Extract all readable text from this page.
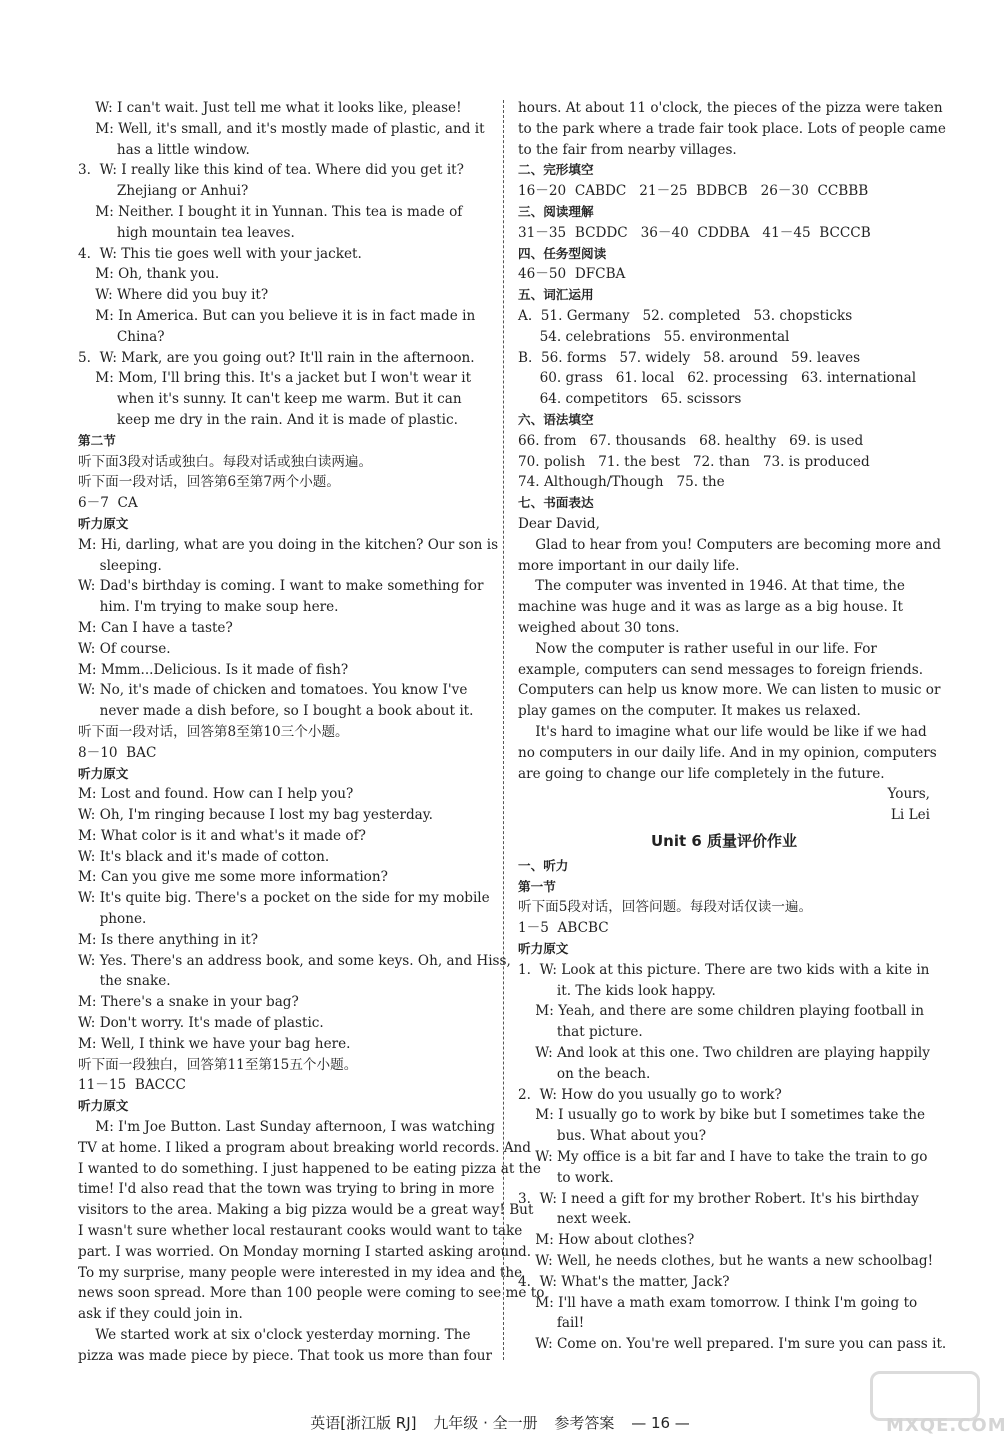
W: I can't wait. Just tell me what it looks like, please!
M: Well, it's small, and it's mostly made of plastic, and it
has a little window.
3.  W: I really like this kind of tea. Where did you get it?
Zhejiang or Anhui?
M: Neither. I bought it in Yunnan. This tea is made of
high mountain tea leaves.
4.  W: This tie goes well with your jacket.
M: Oh, thank you.
W: Where did you buy it?
M: In America. But can you believe it is in fact made in
China?
5.  W: Mark, are you going out? It'll rain in the afternoon.
M: Mom, I'll bring this. It's a jacket but I won't wear it
when it's sunny. It can't keep me warm. But it can
keep me dry in the rain. And it is made of plastic.
第二节
听下面3段对话或独白。每段对话或独白读两遍。
听下面一段对话，回答第6至第7两个小题。
6－7  CA
听力原文
M: Hi, darling, what are you doing in the kitchen? Our son is
sleeping.
W: Dad's birthday is coming. I want to make something for
him. I'm trying to make soup here.
M: Can I have a taste?
W: Of course.
M: Mmm...Delicious. Is it made of fish?
W: No, it's made of chicken and tomatoes. You know I've
never made a dish before, so I bought a book about it.
听下面一段对话，回答第8至第10三个小题。
8－10  BAC
听力原文
M: Lost and found. How can I help you?
W: Oh, I'm ringing because I lost my bag yesterday.
M: What color is it and what's it made of?
W: It's black and it's made of cotton.
M: Can you give me some more information?
W: It's quite big. There's a pocket on the side for my mobile
phone.
M: Is there anything in it?
W: Yes. There's an address book, and some keys. Oh, and Hiss,
the snake.
M: There's a snake in your bag?
W: Don't worry. It's made of plastic.
M: Well, I think we have your bag here.
听下面一段独白，回答第11至第15五个小题。
11－15  BACCC
听力原文
M: I'm Joe Button. Last Sunday afternoon, I was watching
TV at home. I liked a program about breaking world records. And
I wanted to do something. I just happened to be eating pizza at the
time! I'd also read that the town was trying to bring in more
visitors to the area. Making a big pizza would be a great way! But
I wasn't sure whether local restaurant cooks would want to take
part. I was worried. On Monday morning I started asking around.
To my surprise, many people were interested in my idea and the
news soon spread. More than 100 people were coming to see me to
ask if they could join in.
We started work at six o'clock yesterday morning. The
pizza was made piece by piece. That took us more than four
hours. At about 11 o'clock, the pieces of the pizza were taken
to the park where a trade fair took place. Lots of people came
to the fair from nearby villages.
二、完形填空
16－20  CABDC   21－25  BDBCB   26－30  CCBBB
三、阅读理解
31－35  BCDDC   36－40  CDDBA   41－45  BCCCB
四、任务型阅读
46－50  DFCBA
五、词汇运用
A.  51. Germany   52. completed   53. chopsticks
54. celebrations   55. environmental
B.  56. forms   57. widely   58. around   59. leaves
60. grass   61. local   62. processing   63. international
64. competitors   65. scissors
六、语法填空
66. from   67. thousands   68. healthy   69. is used
70. polish   71. the best   72. than   73. is produced
74. Although/Though   75. the
七、书面表达
Dear David,
Glad to hear from you! Computers are becoming more and
more important in our daily life.
The computer was invented in 1946. At that time, the
machine was huge and it was as large as a big house. It
weighed about 30 tons.
Now the computer is rather useful in our life. For
example, computers can send messages to foreign friends.
Computers can help us know more. We can listen to music or
play games on the computer. It makes us relaxed.
It's hard to imagine what our life would be like if we had
no computers in our daily life. And in my opinion, computers
are going to change our life completely in the future.
Yours,
Li Lei
Unit 6 质量评价作业
一、听力
第一节
听下面5段对话，回答问题。每段对话仅读一遍。
1－5  ABCBC
听力原文
1.  W: Look at this picture. There are two kids with a kite in
it. The kids look happy.
M: Yeah, and there are some children playing football in
that picture.
W: And look at this one. Two children are playing happily
on the beach.
2.  W: How do you usually go to work?
M: I usually go to work by bike but I sometimes take the
bus. What about you?
W: My office is a bit far and I have to take the train to go
to work.
3.  W: I need a gift for my brother Robert. It's his birthday
next week.
M: How about clothes?
W: Well, he needs clothes, but he wants a new schoolbag!
4.  W: What's the matter, Jack?
M: I'll have a math exam tomorrow. I think I'm going to
fail!
W: Come on. You're well prepared. I'm sure you can pass it.
英语[浙江版 RJ] 九年级 · 全一册 参考答案 — 16 —	MXQE.COM
